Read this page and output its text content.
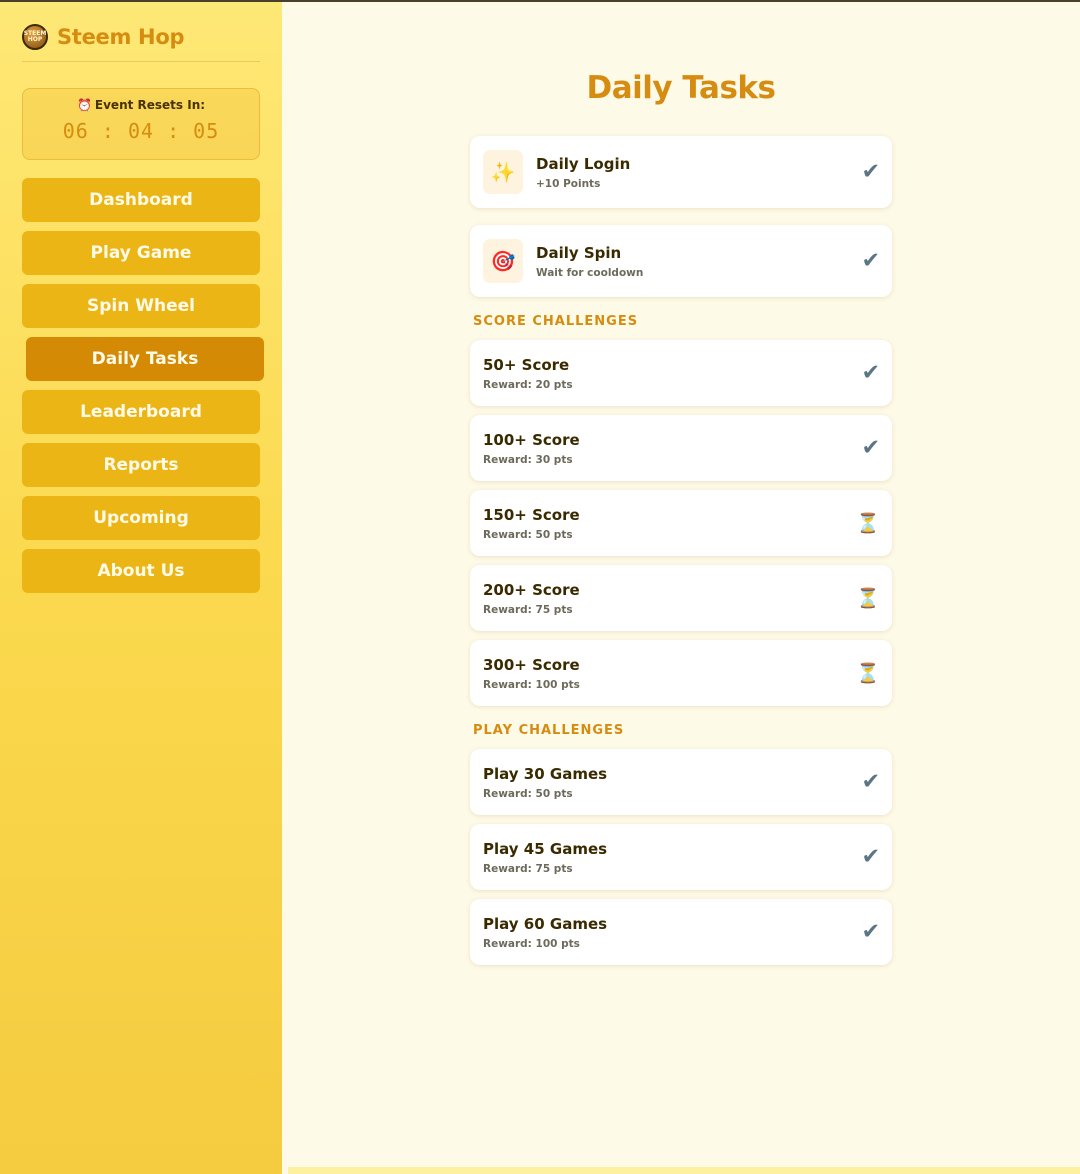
STEEM HOP Steem Hop
⏰ Event Resets In:
06 : 04 : 05
Dashboard
Play Game
Spin Wheel
Daily Tasks
Leaderboard
Reports
Upcoming
About Us
Daily Tasks
✨	Daily Login
+10 Points	✔
🎯	Daily Spin
Wait for cooldown	✔
SCORE CHALLENGES
50+ Score
Reward: 20 pts	✔
100+ Score
Reward: 30 pts	✔
150+ Score
Reward: 50 pts	⏳
200+ Score
Reward: 75 pts	⏳
300+ Score
Reward: 100 pts	⏳
PLAY CHALLENGES
Play 30 Games
Reward: 50 pts	✔
Play 45 Games
Reward: 75 pts	✔
Play 60 Games
Reward: 100 pts	✔
